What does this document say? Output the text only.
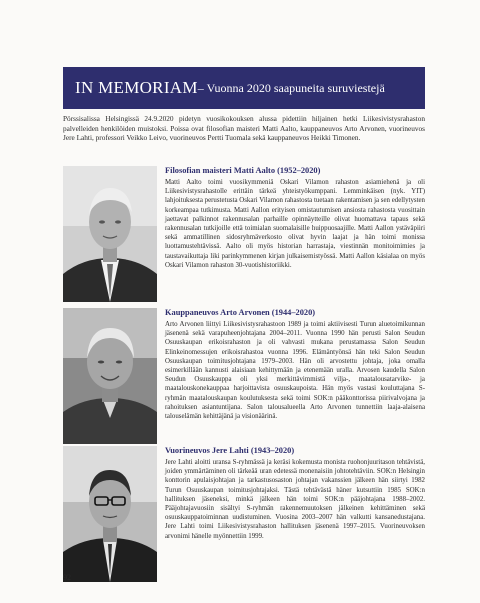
IN MEMORIAM – Vuonna 2020 saapuneita suruviestejä

Pörssisalissa Helsingissä 24.9.2020 pidetyn vuosikokouksen alussa pidettiin hiljainen hetki Liikesivistysrahaston palvelleiden henkilöiden muistoksi. Poissa ovat filosofian maisteri Matti Aalto, kauppaneuvos Arto Arvonen, vuorineuvos Jere Lahti, professori Veikko Leivo, vuorineuvos Pertti Tuomala sekä kauppaneuvos Heikki Timonen.

Filosofian maisteri Matti Aalto (1952–2020)

Matti Aalto toimi vuosikymmeniä Oskari Vilamon rahaston asiamiehenä ja oli Liikesivistysrahastolle erittäin tärkeä yhteistyökumppani. Lemminkäisen (nyk. YIT) lahjoituksesta perustetusta Oskari Vilamon rahastosta tuetaan rakentamisen ja sen edellytysten korkeampaa tutkimusta. Matti Aallon erityisen omistautumisen ansiosta rahastosta vuosittain jaettavat palkinnot rakennusalan parhaille opinnäytteille olivat huomattava tapaus sekä rakennusalan tutkijoille että toimialan suomalaisille huippuosaajille. Matti Aallon ystäväpiiri sekä ammatillinen sidosryhmäverkosto olivat hyvin laajat ja hän toimi monissa luottamustehtävissä. Aalto oli myös historian harrastaja, viestinnän monitoimimies ja taustavaikuttaja liki parinkymmenen kirjan julkaisemistyössä. Matti Aallon käsialaa on myös Oskari Vilamon rahaston 30-vuotishistoriikki.

Kauppaneuvos Arto Arvonen (1944–2020)

Arto Arvonen liittyi Liikesivistysrahastoon 1989 ja toimi aktiivisesti Turun aluetoimikunnan jäsenenä sekä varapuheenjohtajana 2004–2011. Vuonna 1990 hän perusti Salon Seudun Osuuskaupan erikoisrahaston ja oli vahvasti mukana perustamassa Salon Seudun Elinkeinomessujen erikoisrahastoa vuonna 1996. Elämäntyönsä hän teki Salon Seudun Osuuskaupan toimitusjohtajana 1979–2003. Hän oli arvostettu johtaja, joka omalla esimerkillään kannusti alaisiaan kehittymään ja etenemään uralla. Arvosen kaudella Salon Seudun Osuuskauppa oli yksi merkittävimmistä vilja-, maatalousatarvike- ja maatalouskonekauppaa harjoittavista osuuskaupoista. Hän myös vastasi kouluttajana S-ryhmän maatalouskaupan koulutuksesta sekä toimi SOK:n pääkonttorissa piirivalvojana ja rahoituksen asiantuntijana. Salon talousalueella Arto Arvonen tunnettiin laaja-alaisena talouselämän kehittäjänä ja visionäärinä.

Vuorineuvos Jere Lahti (1943–2020)

Jere Lahti aloitti uransa S-ryhmässä ja keräsi kokemusta monista ruohonjuuritason tehtävistä, joiden ymmärtäminen oli tärkeää uran edetessä monenaisiin johtotehtäviin. SOK:n Helsingin konttorin apulaisjohtajan ja tarkastusosaston johtajan vakanssien jälkeen hän siirtyi 1982 Turun Osuuskaupan toimitusjohtajaksi. Tästä tehtävästä häner kutsuttiin 1985 SOK:n hallituksen jäseneksi, minkä jälkeen hän toimi SOK:n pääjohtajana 1988–2002. Pääjohtajavuosiin sisältyi S-ryhmän rakennemuutoksen jälkeinen kehittäminen sekä osuuskauppatoiminnan uudistuminen. Vuosina 2003–2007 hän valkutti kansanedustajana. Jere Lahti toimi Liikesivistysrahaston hallituksen jäsenenä 1997–2015. Vuorineuvoksen arvonimi hänelle myönnettiin 1999.

92
